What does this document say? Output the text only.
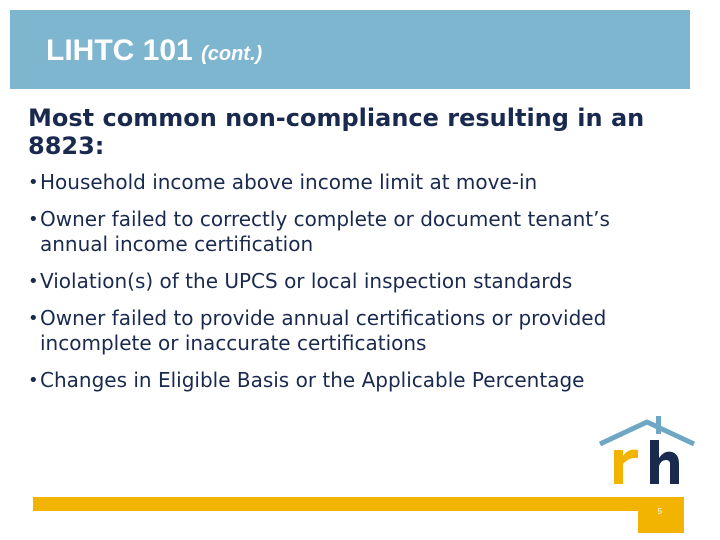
LIHTC 101 (cont.)

Most common non-compliance resulting in an 8823:

• Household income above income limit at move-in
• Owner failed to correctly complete or document tenant’s annual income certification
• Violation(s) of the UPCS or local inspection standards
• Owner failed to provide annual certifications or provided incomplete or inaccurate certifications
• Changes in Eligible Basis or the Applicable Percentage
5
